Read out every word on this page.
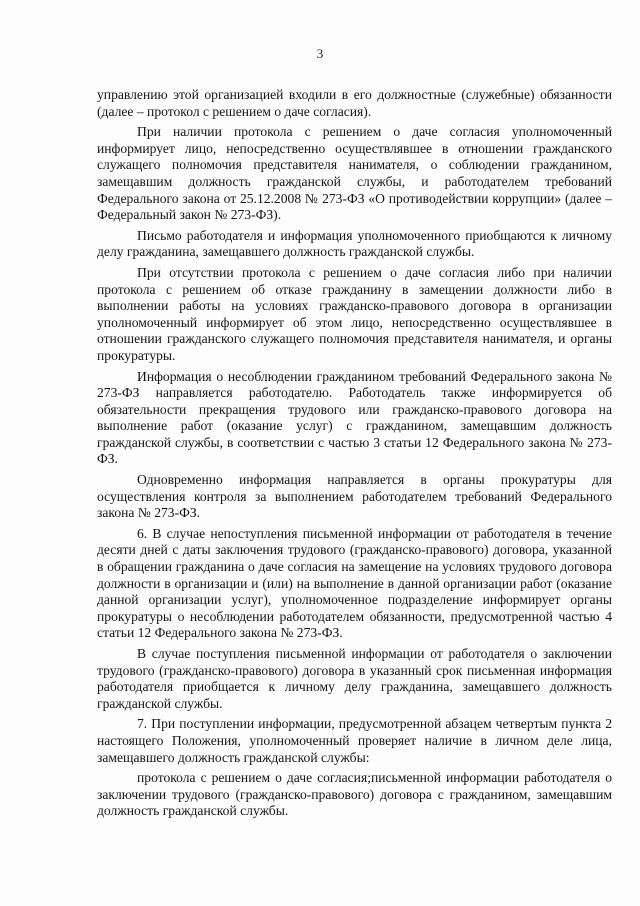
3

управлению этой организацией входили в его должностные (служебные) обязанности (далее – протокол с решением о даче согласия).

При наличии протокола с решением о даче согласия уполномоченный информирует лицо, непосредственно осуществлявшее в отношении гражданского служащего полномочия представителя нанимателя, о соблюдении гражданином, замещавшим должность гражданской службы, и работодателем требований Федерального закона от 25.12.2008 № 273-ФЗ «О противодействии коррупции» (далее – Федеральный закон № 273-ФЗ).

Письмо работодателя и информация уполномоченного приобщаются к личному делу гражданина, замещавшего должность гражданской службы.

При отсутствии протокола с решением о даче согласия либо при наличии протокола с решением об отказе гражданину в замещении должности либо в выполнении работы на условиях гражданско-правового договора в организации уполномоченный информирует об этом лицо, непосредственно осуществлявшее в отношении гражданского служащего полномочия представителя нанимателя, и органы прокуратуры.

Информация о несоблюдении гражданином требований Федерального закона № 273-ФЗ направляется работодателю. Работодатель также информируется об обязательности прекращения трудового или гражданско-правового договора на выполнение работ (оказание услуг) с гражданином, замещавшим должность гражданской службы, в соответствии с частью 3 статьи 12 Федерального закона № 273-ФЗ.

Одновременно информация направляется в органы прокуратуры для осуществления контроля за выполнением работодателем требований Федерального закона № 273-ФЗ.

6. В случае непоступления письменной информации от работодателя в течение десяти дней с даты заключения трудового (гражданско-правового) договора, указанной в обращении гражданина о даче согласия на замещение на условиях трудового договора должности в организации и (или) на выполнение в данной организации работ (оказание данной организации услуг), уполномоченное подразделение информирует органы прокуратуры о несоблюдении работодателем обязанности, предусмотренной частью 4 статьи 12 Федерального закона № 273-ФЗ.

В случае поступления письменной информации от работодателя о заключении трудового (гражданско-правового) договора в указанный срок письменная информация работодателя приобщается к личному делу гражданина, замещавшего должность гражданской службы.

7. При поступлении информации, предусмотренной абзацем четвертым пункта 2 настоящего Положения, уполномоченный проверяет наличие в личном деле лица, замещавшего должность гражданской службы:

протокола с решением о даче согласия;письменной информации работодателя о заключении трудового (гражданско-правового) договора с гражданином, замещавшим должность гражданской службы.
